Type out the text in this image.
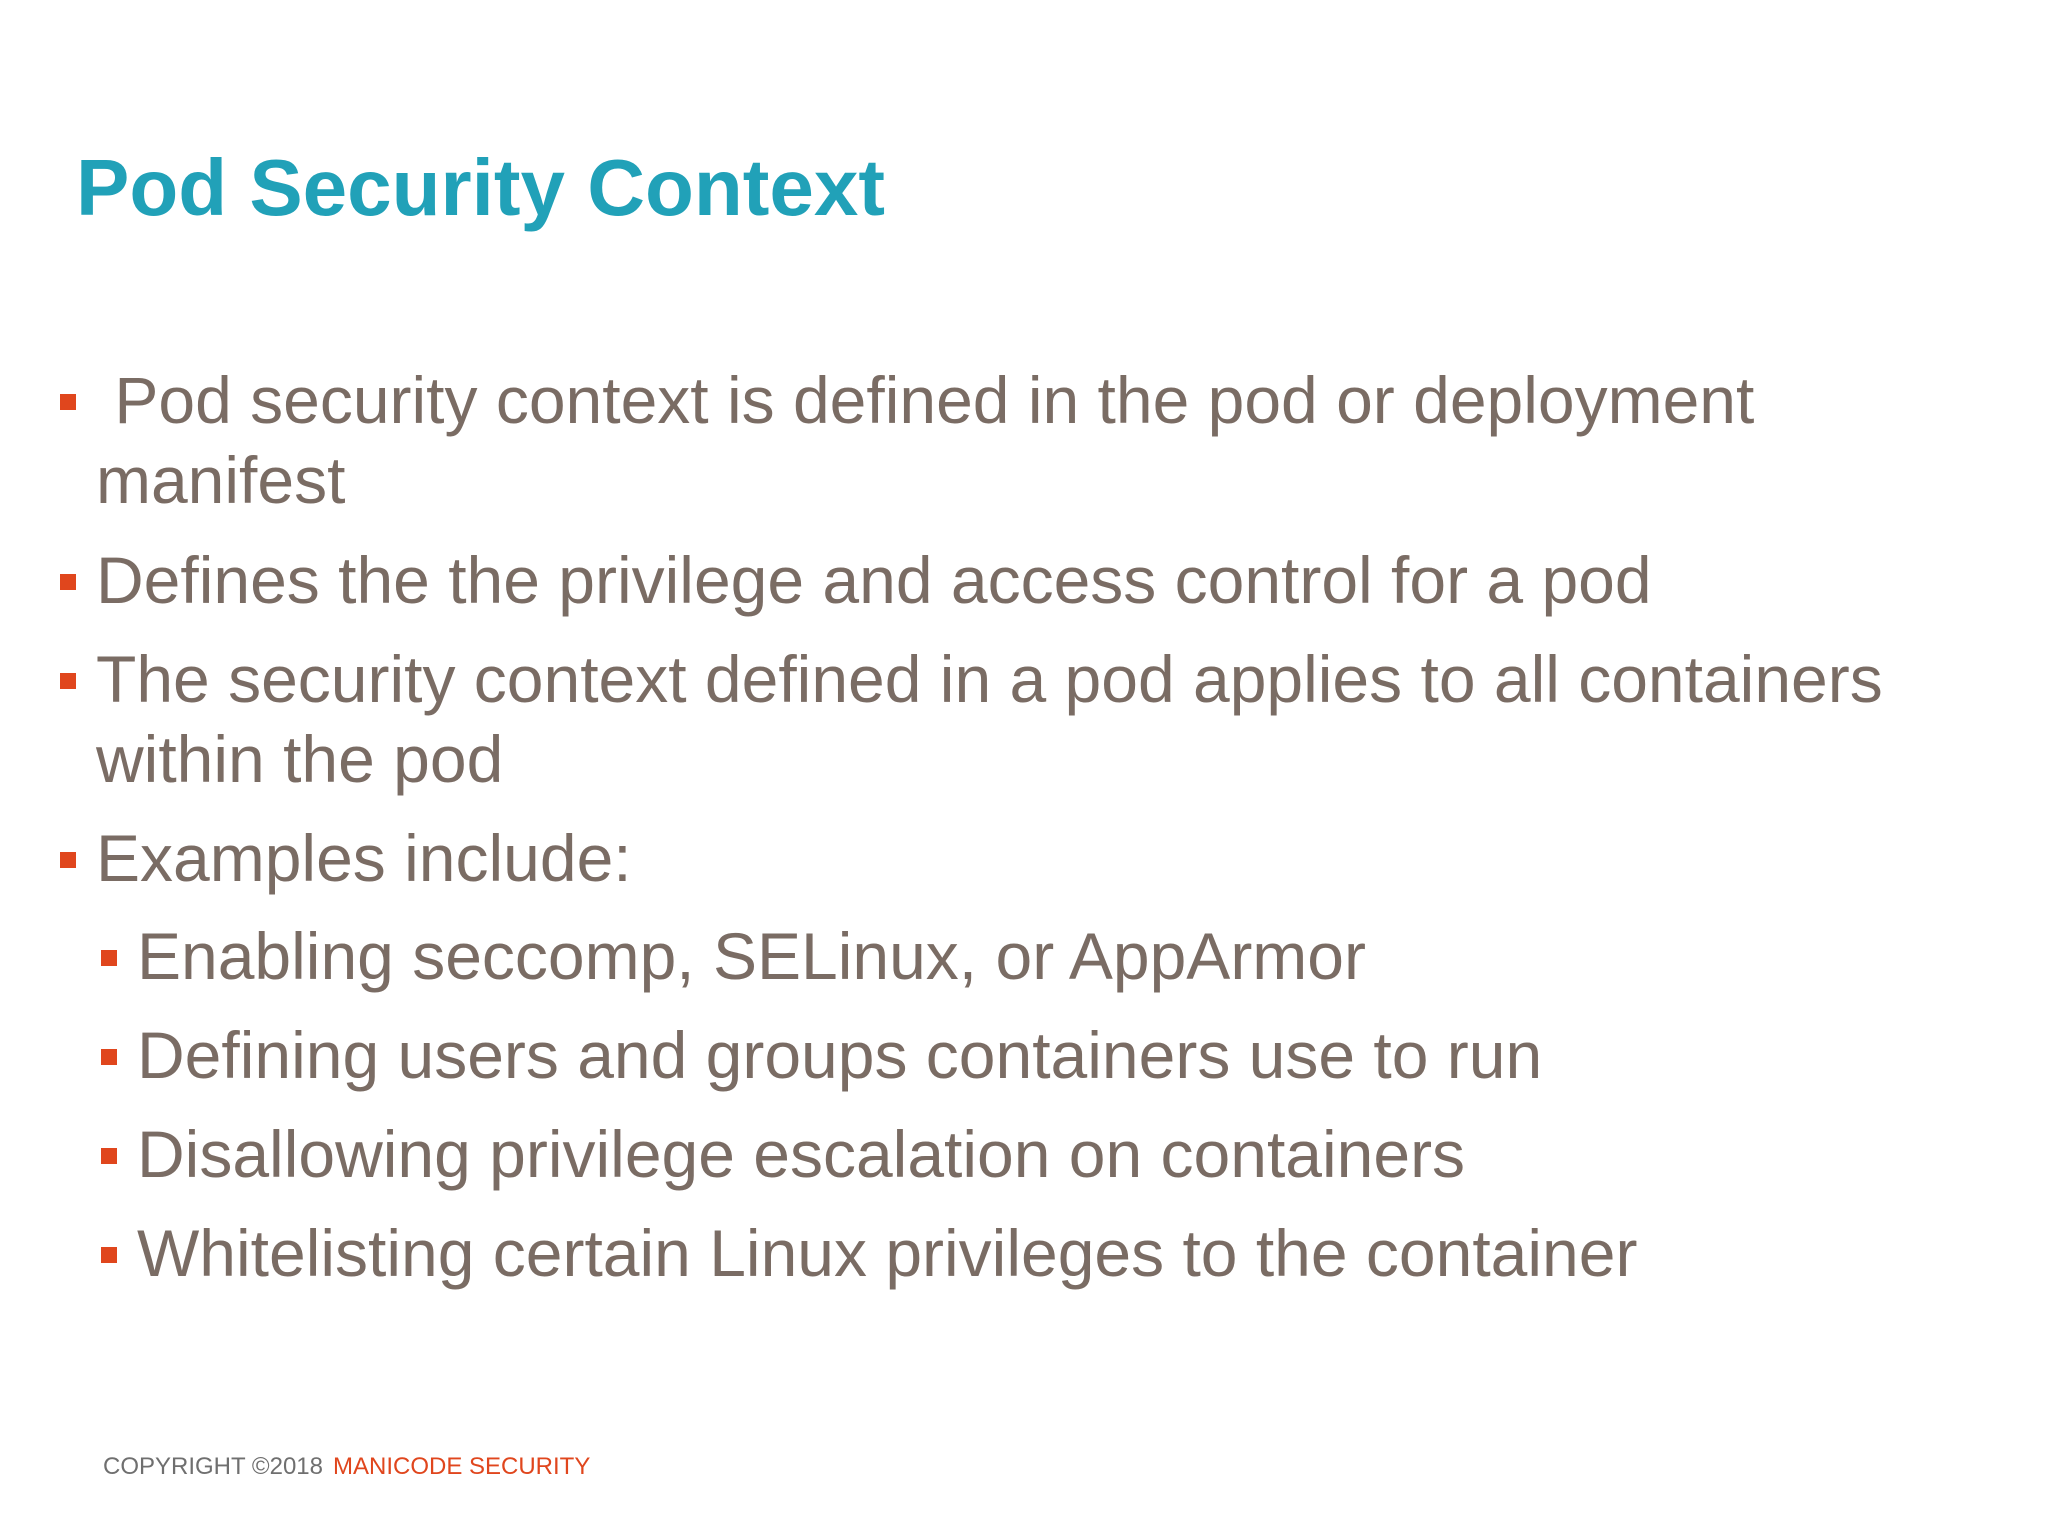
Pod Security Context
Pod security context is defined in the pod or deployment manifest
Defines the the privilege and access control for a pod
The security context defined in a pod applies to all containers within the pod
Examples include:
Enabling seccomp, SELinux, or AppArmor
Defining users and groups containers use to run
Disallowing privilege escalation on containers
Whitelisting certain Linux privileges to the container
COPYRIGHT ©2018 MANICODE SECURITY
